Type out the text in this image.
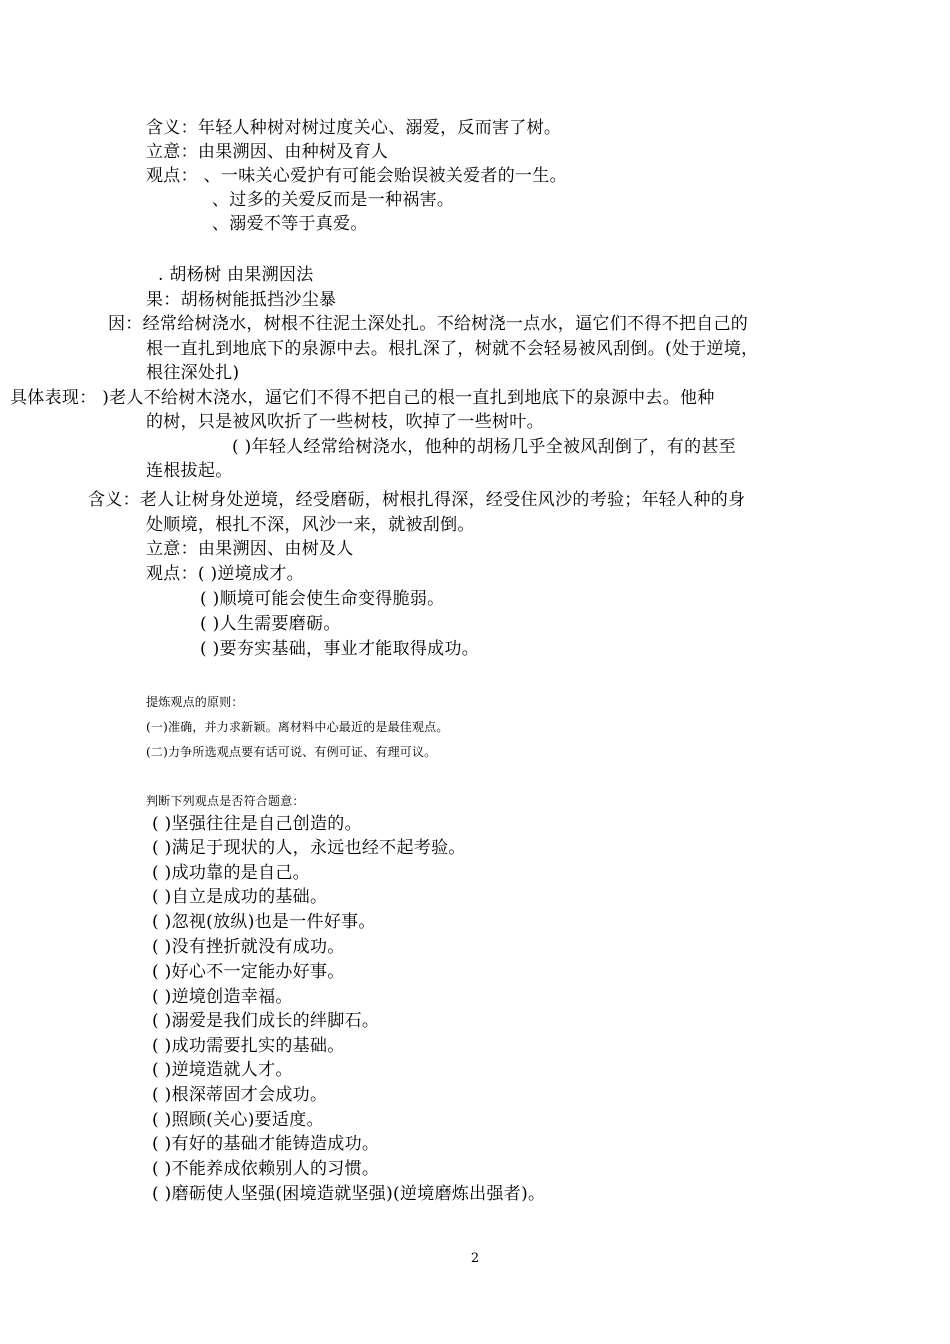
含义：年轻人种树对树过度关心、溺爱，反而害了树。
立意：由果溯因、由种树及育人
观点： 、一味关心爱护有可能会贻误被关爱者的一生。
、过多的关爱反而是一种祸害。
、溺爱不等于真爱。
. 胡杨树 由果溯因法
果：胡杨树能抵挡沙尘暴
因：经常给树浇水，树根不往泥土深处扎。不给树浇一点水，逼它们不得不把自己的
根一直扎到地底下的泉源中去。根扎深了，树就不会轻易被风刮倒。(处于逆境，
根往深处扎)
具体表现： )老人不给树木浇水，逼它们不得不把自己的根一直扎到地底下的泉源中去。他种
的树，只是被风吹折了一些树枝，吹掉了一些树叶。
( )年轻人经常给树浇水，他种的胡杨几乎全被风刮倒了，有的甚至
连根拔起。
含义：老人让树身处逆境，经受磨砺，树根扎得深，经受住风沙的考验；年轻人种的身
处顺境，根扎不深，风沙一来，就被刮倒。
立意：由果溯因、由树及人
观点：( )逆境成才。
( )顺境可能会使生命变得脆弱。
( )人生需要磨砺。
( )要夯实基础，事业才能取得成功。
提炼观点的原则：
(一)准确，并力求新颖。离材料中心最近的是最佳观点。
(二)力争所选观点要有话可说、有例可证、有理可议。
判断下列观点是否符合题意：
( )坚强往往是自己创造的。
( )满足于现状的人，永远也经不起考验。
( )成功靠的是自己。
( )自立是成功的基础。
( )忽视(放纵)也是一件好事。
( )没有挫折就没有成功。
( )好心不一定能办好事。
( )逆境创造幸福。
( )溺爱是我们成长的绊脚石。
( )成功需要扎实的基础。
( )逆境造就人才。
( )根深蒂固才会成功。
( )照顾(关心)要适度。
( )有好的基础才能铸造成功。
( )不能养成依赖别人的习惯。
( )磨砺使人坚强(困境造就坚强)(逆境磨炼出强者)。
2
